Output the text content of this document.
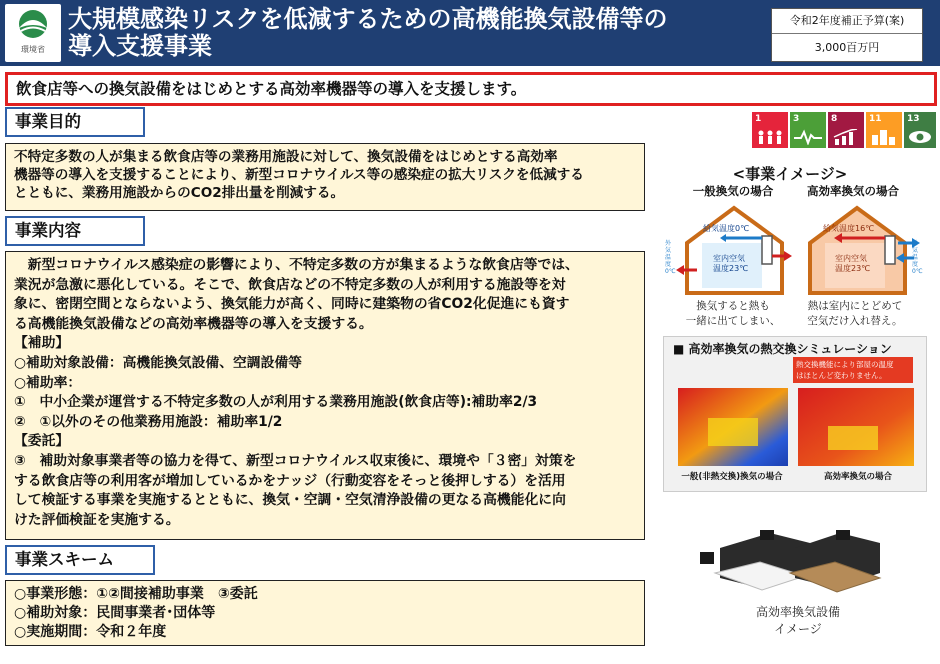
環境省
大規模感染リスクを低減するための高機能換気設備等の
導入支援事業
令和2年度補正予算(案)
3,000百万円
飲食店等への換気設備をはじめとする高効率機器等の導入を支援します。
事業目的

不特定多数の人が集まる飲食店等の業務用施設に対して、換気設備をはじめとする高効率

機器等の導入を支援することにより、新型コロナウイルス等の感染症の拡大リスクを低減する

とともに、業務用施設からのCO2排出量を削減する。

事業内容

　新型コロナウイルス感染症の影響により、不特定多数の方が集まるような飲食店等では、

業況が急激に悪化している。そこで、飲食店などの不特定多数の人が利用する施設等を対

象に、密閉空間とならないよう、換気能力が高く、同時に建築物の省CO2化促進にも資す

る高機能換気設備などの高効率機器等の導入を支援する。

【補助】

○補助対象設備：高機能換気設備、空調設備等

○補助率：

①　中小企業が運営する不特定多数の人が利用する業務用施設(飲食店等):補助率2/3

②　①以外のその他業務用施設：補助率1/2

【委託】

③　補助対象事業者等の協力を得て、新型コロナウイルス収束後に、環境や「３密」対策を

する飲食店等の利用客が増加しているかをナッジ（行動変容をそっと後押しする）を活用

して検証する事業を実施するとともに、換気・空調・空気清浄設備の更なる高機能化に向

けた評価検証を実施する。

事業スキーム

○事業形態：①②間接補助事業　③委託

○補助対象：民間事業者･団体等

○実施期間：令和２年度

1	3	8	11	13
<事業イメージ>
一般換気の場合	高効率換気の場合
給気温度0℃
室内空気
温度23℃
給気温度16℃
室内空気
温度23℃
外気温度0℃
外気温度0℃
換気すると熱も
一緒に出てしまい、
熱は室内にとどめて
空気だけ入れ替え。
■ 高効率換気の熱交換シミュレーション
熱交換機能により部屋の温度
はほとんど変わりません。
一般(非熱交換)換気の場合	高効率換気の場合
高効率換気設備
イメージ
